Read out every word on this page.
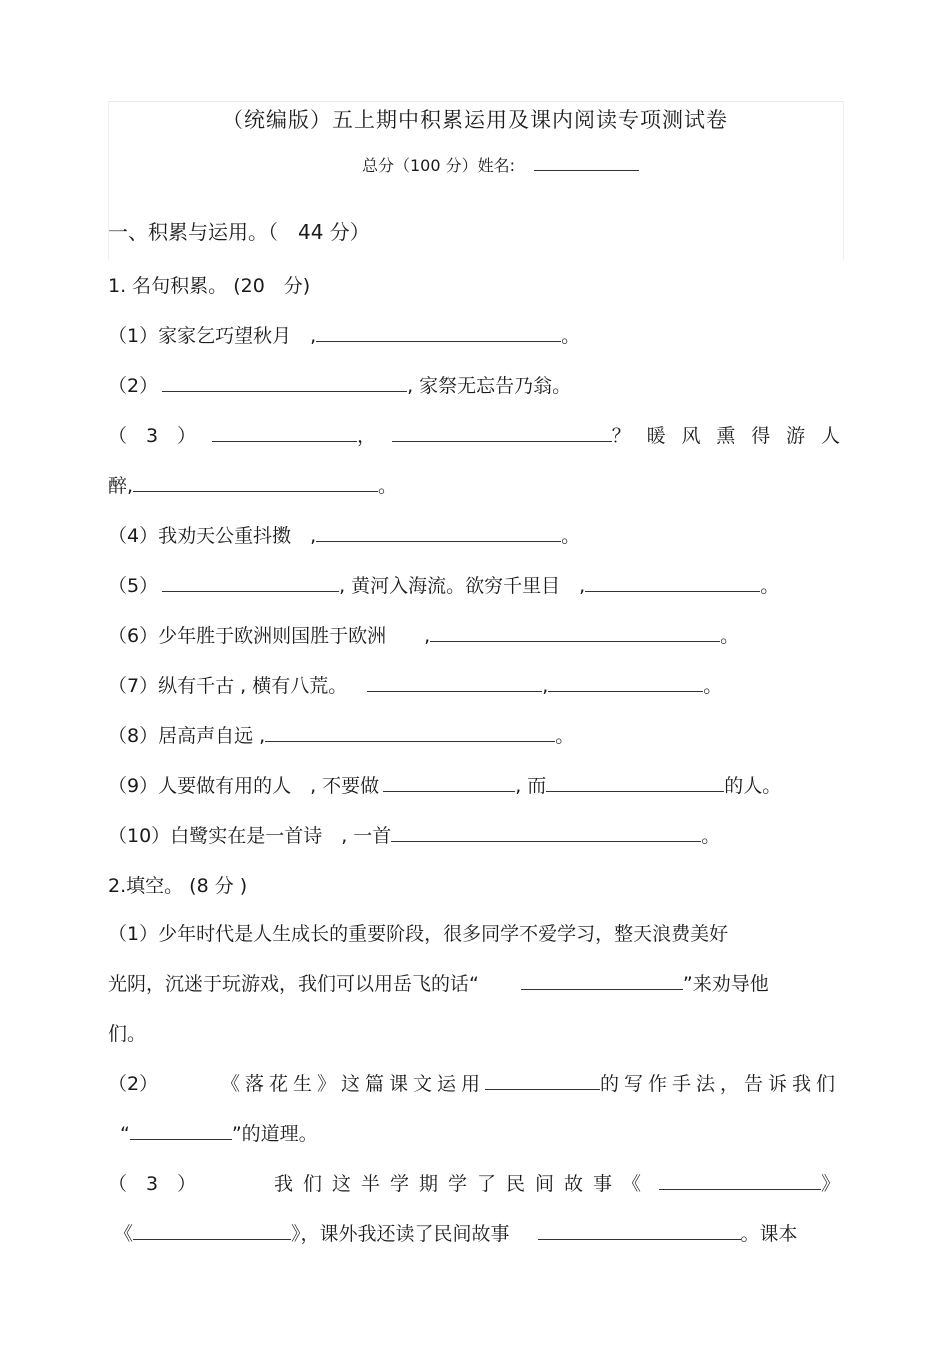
（统编版）五上期中积累运用及课内阅读专项测试卷
总分（100 分）姓名:
一、积累与运用。（　44 分）
1. 名句积累。 (20　分)
（1）家家乞巧望秋月　,	。
（2）	, 家祭无忘告乃翁。
（　3　）	，	？ 暖 风 熏 得 游 人
醉,	。
（4）我劝天公重抖擞　,	。
（5）	, 黄河入海流。欲穷千里目　,	。
（6）少年胜于欧洲则国胜于欧洲　　,	。
（7）纵有千古 , 横有八荒。	,	。
（8）居高声自远 ,	。
（9）人要做有用的人　, 不要做	, 而	的人。
（10）白鹭实在是一首诗　, 一首	。
2.填空。 (8 分 )
（1）少年时代是人生成长的重要阶段，很多同学不爱学习，整天浪费美好
光阴，沉迷于玩游戏，我们可以用岳飞的话“	”来劝导他
们。
（2）	《落花生》这篇课文运用	的写作手法，告诉我们
“	”的道理。
（　3　）	我们这半学期学了民间故事《	》
《	》，课外我还读了民间故事	。课本
